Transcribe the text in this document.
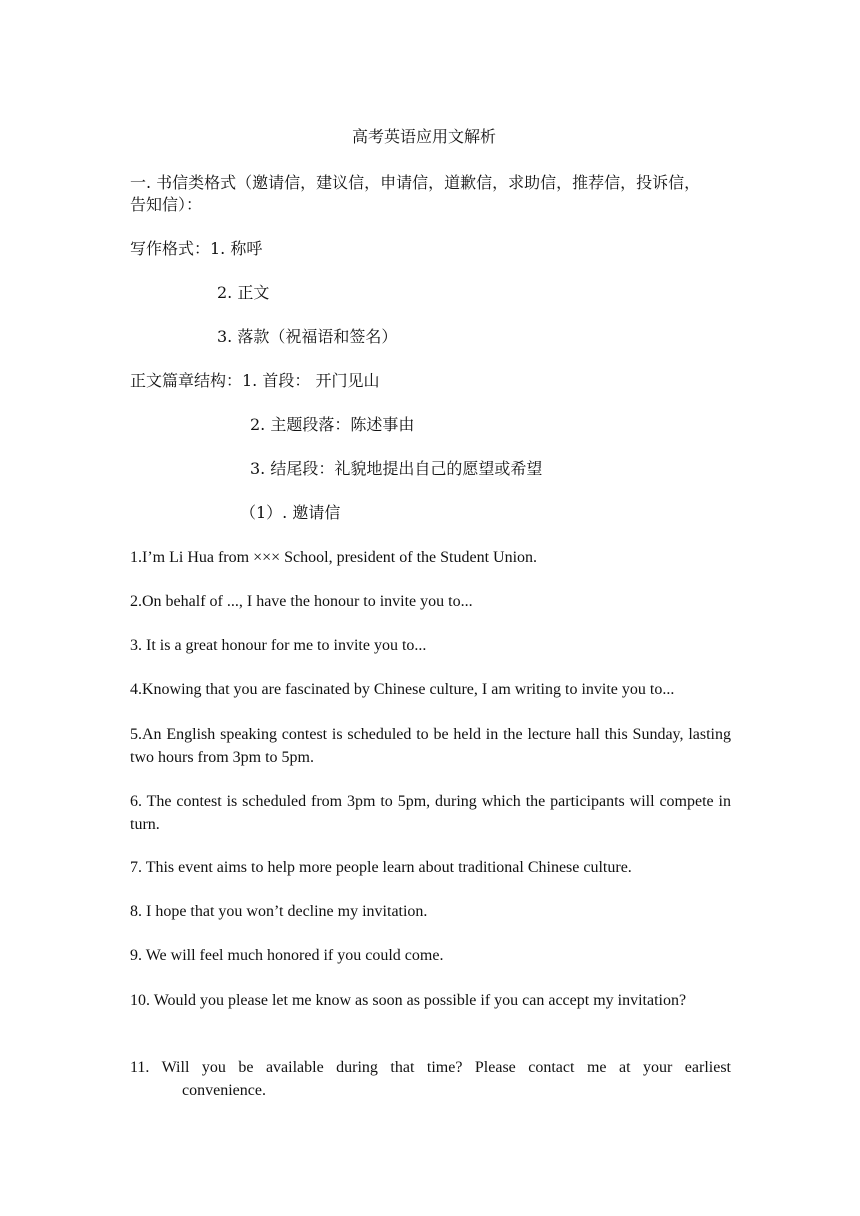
高考英语应用文解析
一. 书信类格式（邀请信，建议信，申请信，道歉信，求助信，推荐信，投诉信，
告知信）：
写作格式：1. 称呼
2. 正文
3. 落款（祝福语和签名）
正文篇章结构：1. 首段： 开门见山
2. 主题段落：陈述事由
3. 结尾段：礼貌地提出自己的愿望或希望
（1）. 邀请信
1.I’m Li Hua from ××× School, president of the Student Union.
2.On behalf of ..., I have the honour to invite you to...
3. It is a great honour for me to invite you to...
4.Knowing that you are fascinated by Chinese culture, I am writing to invite you to...
5.An English speaking contest is scheduled to be held in the lecture hall this Sunday, lasting two hours from 3pm to 5pm.
6. The contest is scheduled from 3pm to 5pm, during which the participants will compete in turn.
7. This event aims to help more people learn about traditional Chinese culture.
8. I hope that you won’t decline my invitation.
9. We will feel much honored if you could come.
10. Would you please let me know as soon as possible if you can accept my invitation?
11. Will you be available during that time? Please contact me at your earliest
convenience.
